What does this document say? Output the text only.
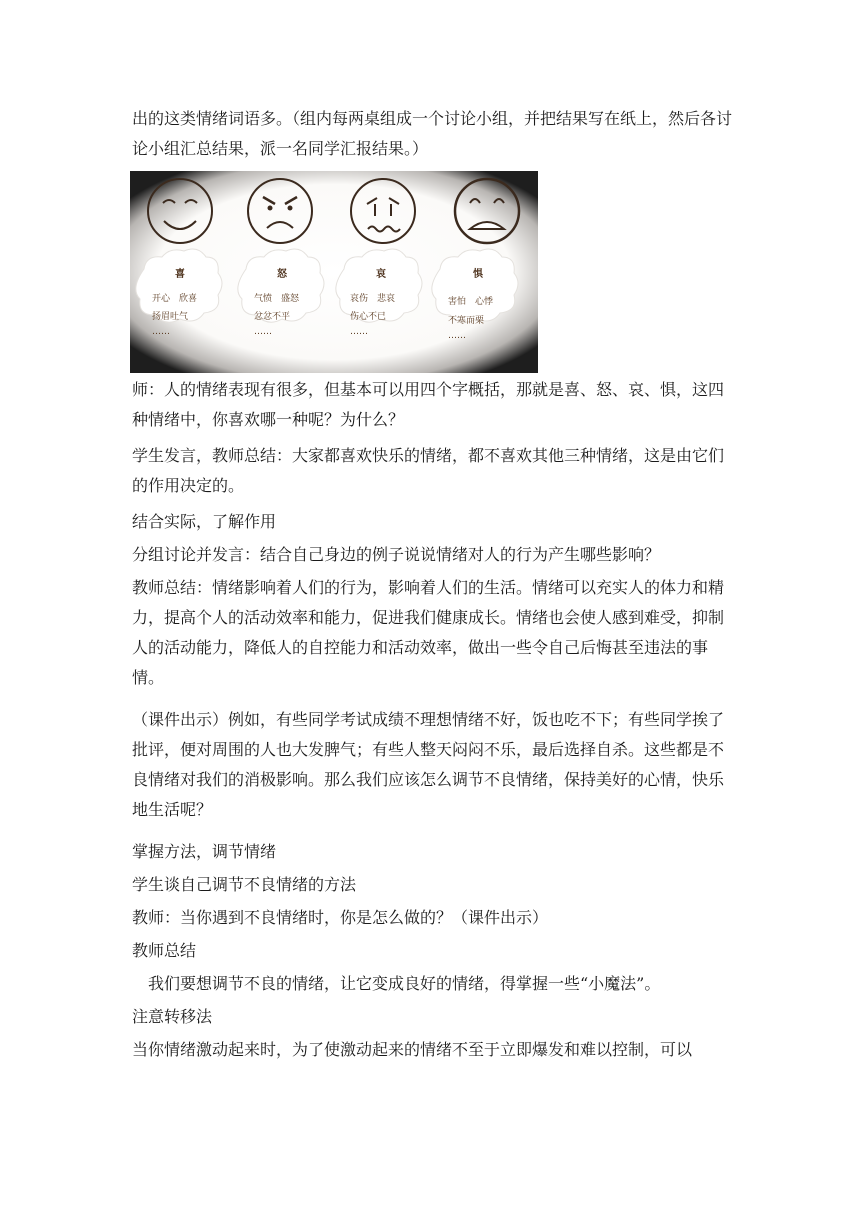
出的这类情绪词语多。（组内每两桌组成一个讨论小组，并把结果写在纸上，然后各讨论小组汇总结果，派一名同学汇报结果。）

喜
开心　欣喜
扬眉吐气
……
怒
气愤　盛怒
忿忿不平
……
哀
哀伤　悲哀
伤心不已
……
惧
害怕　心悸
不寒而栗
……

师：人的情绪表现有很多，但基本可以用四个字概括，那就是喜、怒、哀、惧，这四种情绪中，你喜欢哪一种呢？为什么？

学生发言，教师总结：大家都喜欢快乐的情绪，都不喜欢其他三种情绪，这是由它们的作用决定的。

结合实际，了解作用

分组讨论并发言：结合自己身边的例子说说情绪对人的行为产生哪些影响？

教师总结：情绪影响着人们的行为，影响着人们的生活。情绪可以充实人的体力和精力，提高个人的活动效率和能力，促进我们健康成长。情绪也会使人感到难受，抑制人的活动能力，降低人的自控能力和活动效率，做出一些令自己后悔甚至违法的事情。

（课件出示）例如，有些同学考试成绩不理想情绪不好，饭也吃不下；有些同学挨了批评，便对周围的人也大发脾气；有些人整天闷闷不乐，最后选择自杀。这些都是不良情绪对我们的消极影响。那么我们应该怎么调节不良情绪，保持美好的心情，快乐地生活呢？

掌握方法，调节情绪

学生谈自己调节不良情绪的方法

教师：当你遇到不良情绪时，你是怎么做的？（课件出示）

教师总结

　我们要想调节不良的情绪，让它变成良好的情绪，得掌握一些“小魔法”。

注意转移法

当你情绪激动起来时，为了使激动起来的情绪不至于立即爆发和难以控制，可以
